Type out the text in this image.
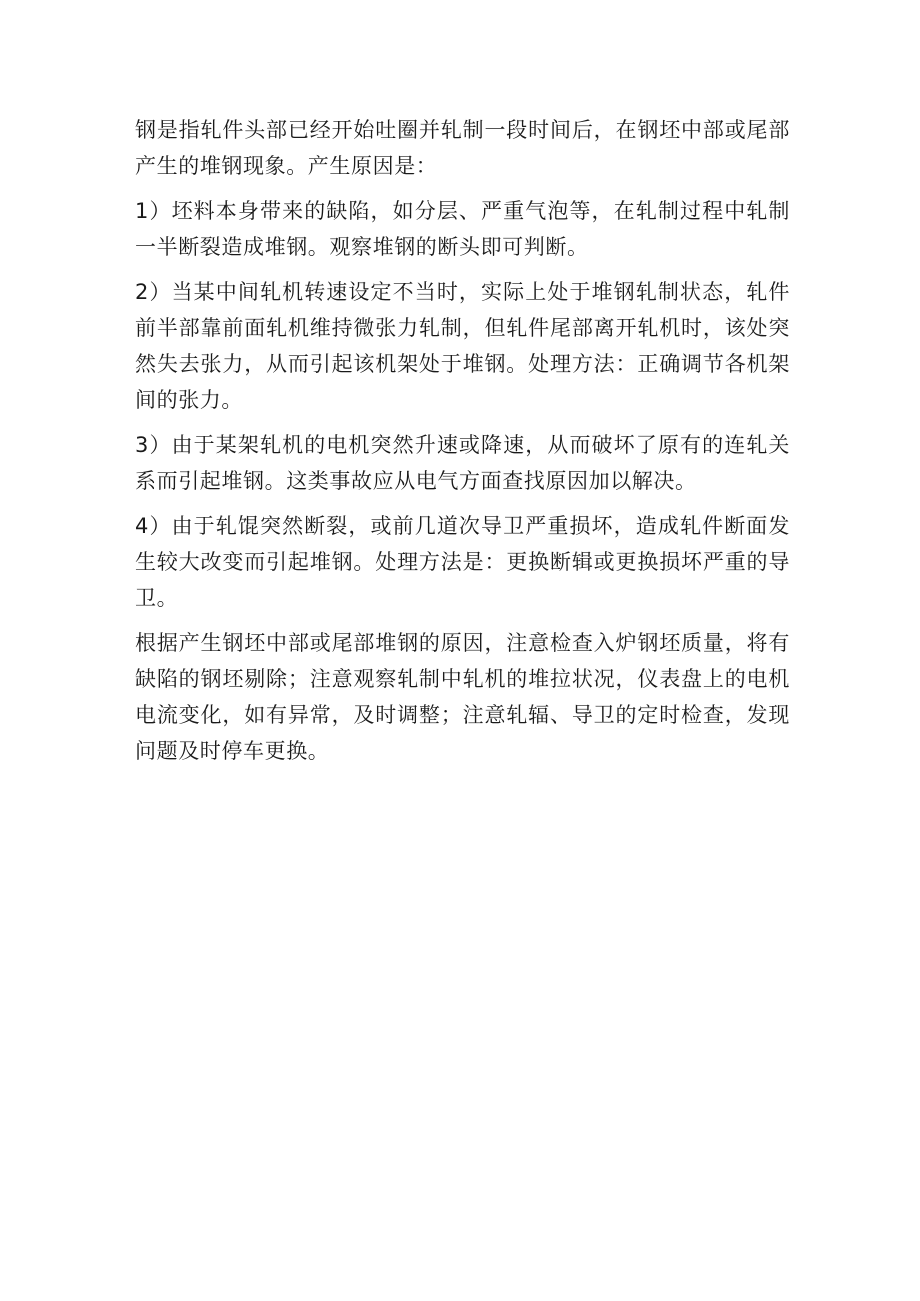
钢是指轧件头部已经开始吐圈并轧制一段时间后，在钢坯中部或尾部产生的堆钢现象。产生原因是：

1）坯料本身带来的缺陷，如分层、严重气泡等，在轧制过程中轧制一半断裂造成堆钢。观察堆钢的断头即可判断。

2）当某中间轧机转速设定不当时，实际上处于堆钢轧制状态，轧件前半部靠前面轧机维持微张力轧制，但轧件尾部离开轧机时，该处突然失去张力，从而引起该机架处于堆钢。处理方法：正确调节各机架间的张力。

3）由于某架轧机的电机突然升速或降速，从而破坏了原有的连轧关系而引起堆钢。这类事故应从电气方面查找原因加以解决。

4）由于轧馄突然断裂，或前几道次导卫严重损坏，造成轧件断面发生较大改变而引起堆钢。处理方法是：更换断辑或更换损坏严重的导卫。

根据产生钢坯中部或尾部堆钢的原因，注意检查入炉钢坯质量，将有缺陷的钢坯剔除；注意观察轧制中轧机的堆拉状况，仪表盘上的电机电流变化，如有异常，及时调整；注意轧辐、导卫的定时检查，发现问题及时停车更换。
